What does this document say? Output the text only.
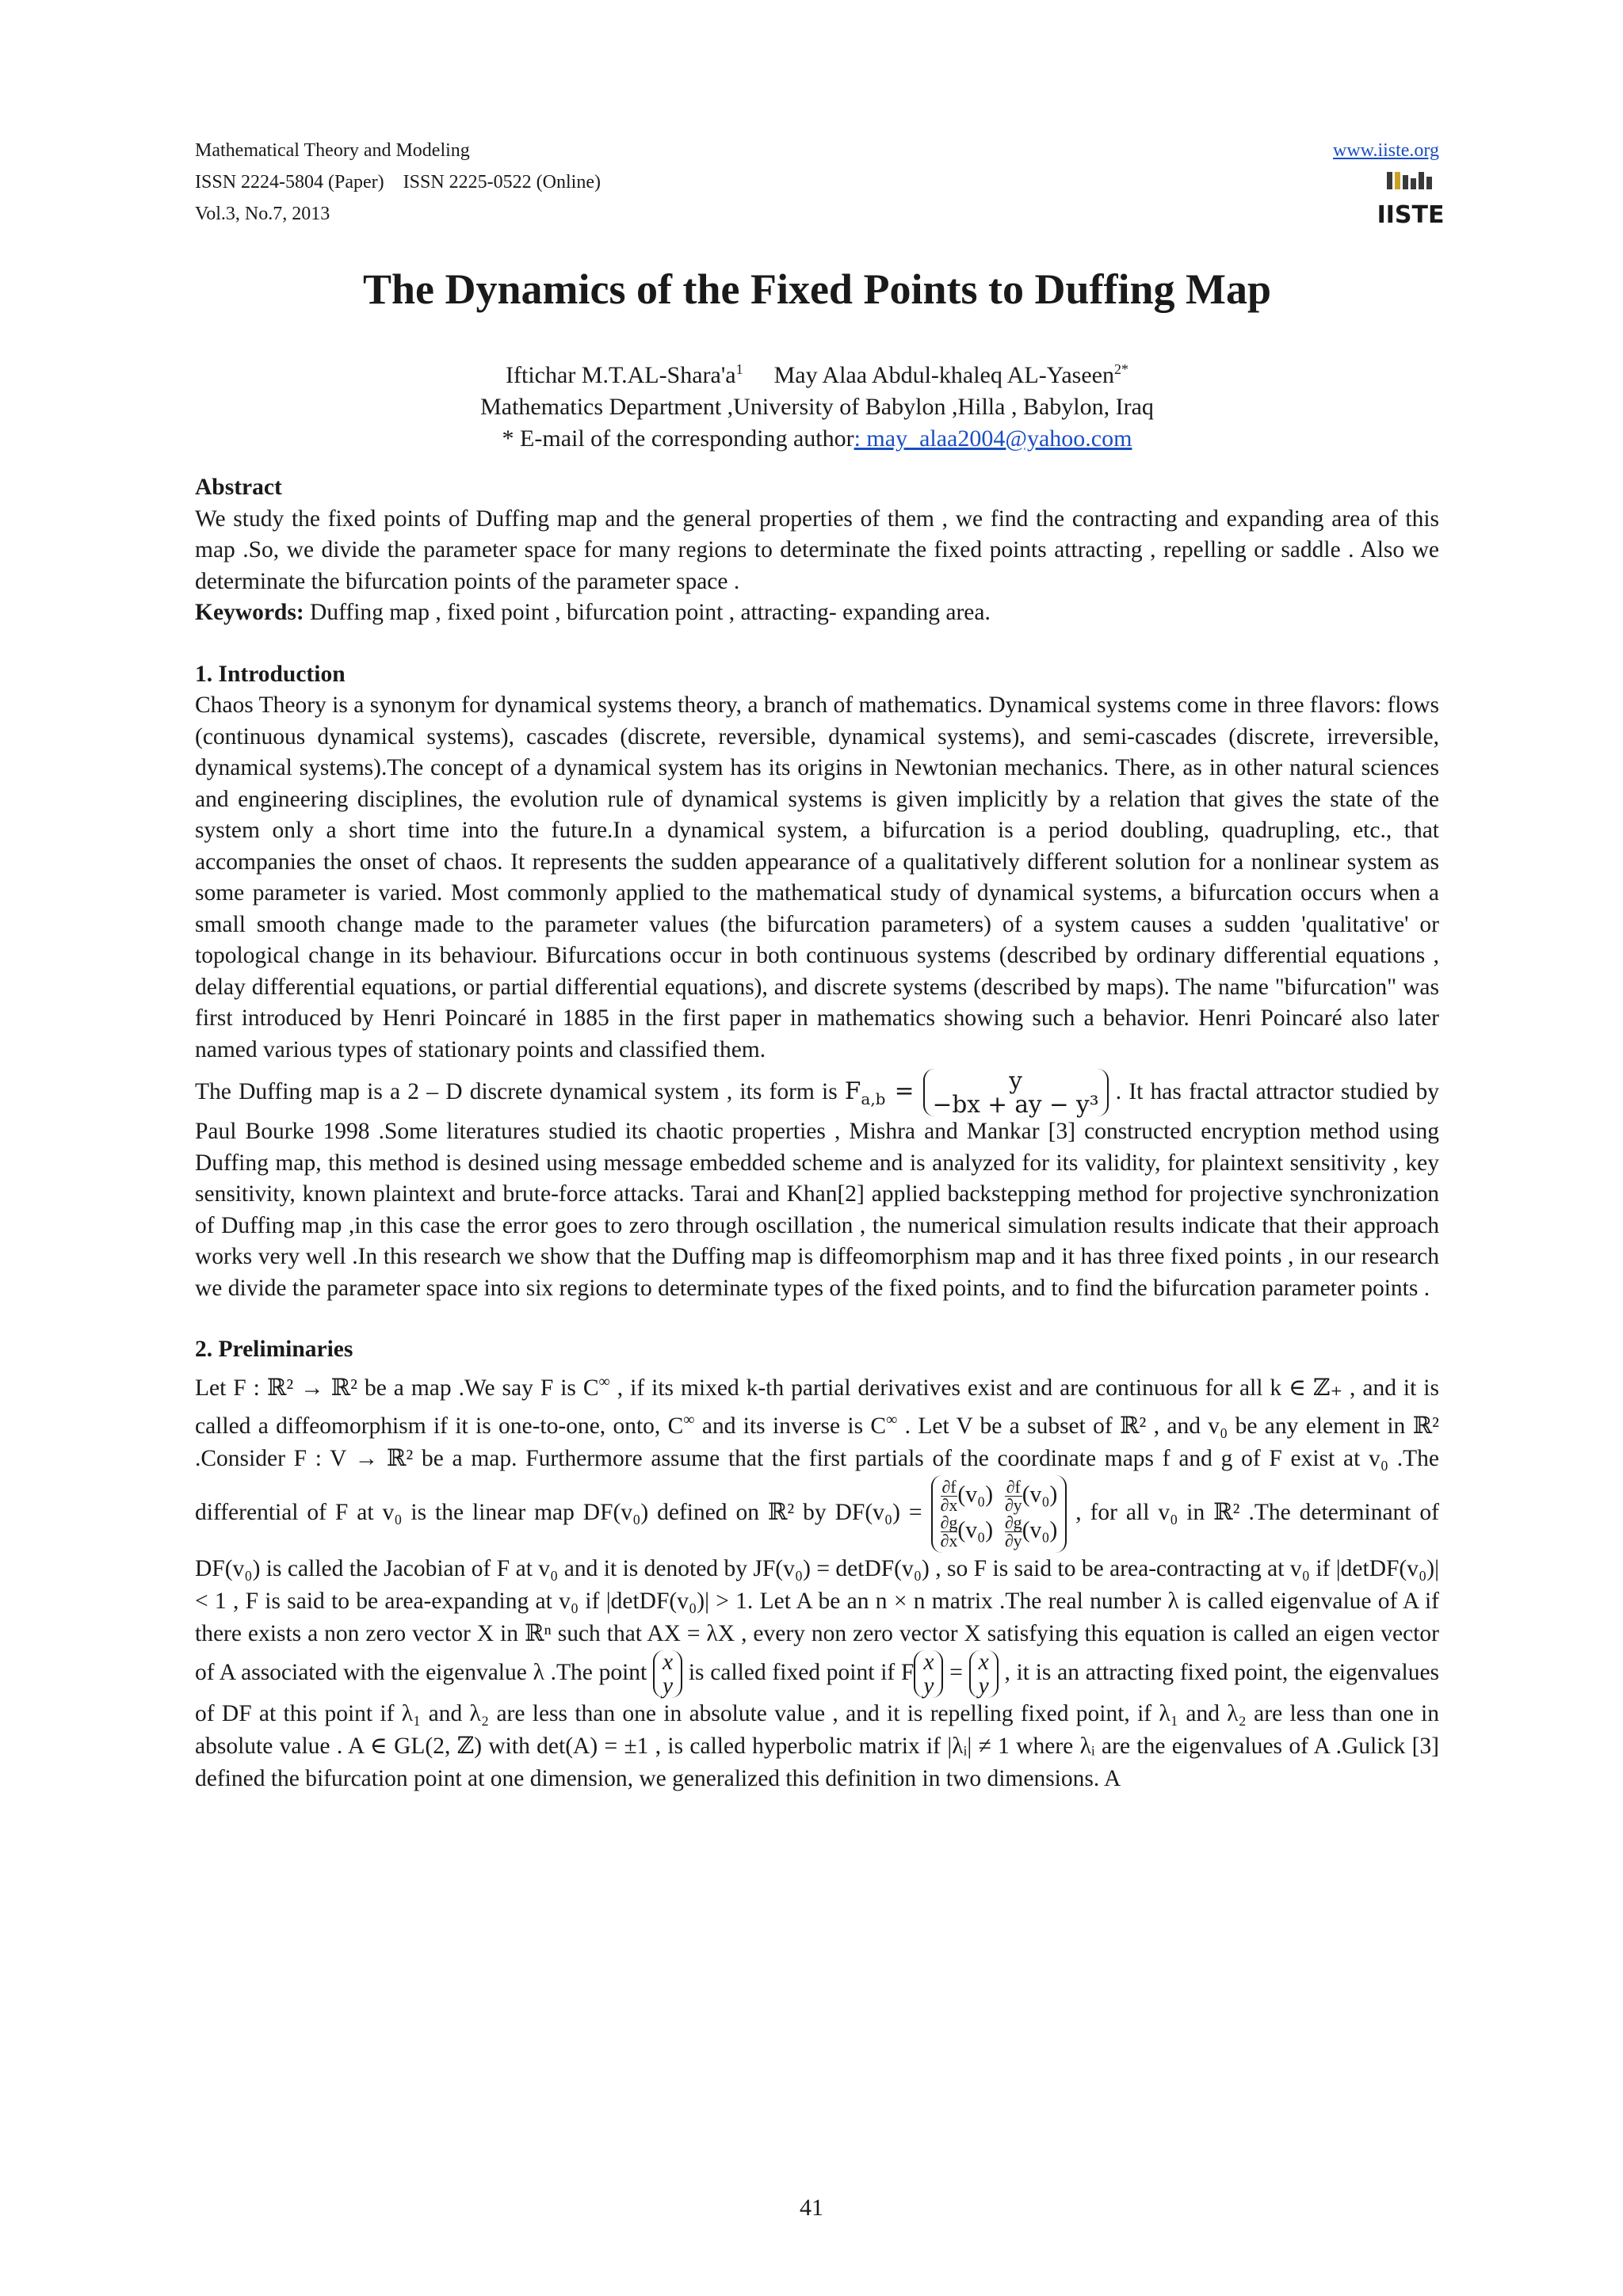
Mathematical Theory and Modeling
ISSN 2224-5804 (Paper)    ISSN 2225-0522 (Online)
Vol.3, No.7, 2013
www.iiste.org
IISTE
The Dynamics of the Fixed Points to Duffing Map
Iftichar $M.T.AL-Shara'a^1$ May Alaa Abdul-khaleq AL-Yaseen$^{2*}$
Mathematics Department ,University of Babylon ,Hilla , Babylon, Iraq
* E-mail of the corresponding author: may_alaa2004@yahoo.com

Abstract

We study the fixed points of Duffing map and the general properties of them , we find the contracting and expanding area of this map .So, we divide the parameter space for many regions to determinate the fixed points attracting , repelling or saddle . Also we determinate the bifurcation points of the parameter space .

Keywords: Duffing map , fixed point , bifurcation point , attracting- expanding area.

1. Introduction

Chaos Theory is a synonym for dynamical systems theory, a branch of mathematics. Dynamical systems come in three flavors: flows (continuous dynamical systems), cascades (discrete, reversible, dynamical systems), and semi-cascades (discrete, irreversible, dynamical systems).The concept of a dynamical system has its origins in Newtonian mechanics. There, as in other natural sciences and engineering disciplines, the evolution rule of dynamical systems is given implicitly by a relation that gives the state of the system only a short time into the future.In a dynamical system, a bifurcation is a period doubling, quadrupling, etc., that accompanies the onset of chaos. It represents the sudden appearance of a qualitatively different solution for a nonlinear system as some parameter is varied. Most commonly applied to the mathematical study of dynamical systems, a bifurcation occurs when a small smooth change made to the parameter values (the bifurcation parameters) of a system causes a sudden 'qualitative' or topological change in its behaviour. Bifurcations occur in both continuous systems (described by ordinary differential equations , delay differential equations, or partial differential equations), and discrete systems (described by maps). The name "bifurcation" was first introduced by Henri Poincaré in 1885 in the first paper in mathematics showing such a behavior. Henri Poincaré also later named various types of stationary points and classified them.

The Duffing map is a 2 – D discrete dynamical system , its form is $F_{a,b}$ =	y
−bx + ay − y³ . It has fractal attractor studied by Paul Bourke 1998 .Some literatures studied its chaotic properties , Mishra and Mankar [3] constructed encryption method using Duffing map, this method is desined using message embedded scheme and is analyzed for its validity, for plaintext sensitivity , key sensitivity, known plaintext and brute-force attacks. Tarai and Khan[2] applied backstepping method for projective synchronization of Duffing map ,in this case the error goes to zero through oscillation , the numerical simulation results indicate that their approach works very well .In this research we show that the Duffing map is diffeomorphism map and it has three fixed points , in our research we divide the parameter space into six regions to determinate types of the fixed points, and to find the bifurcation parameter points .

2. Preliminaries

Let F : ℝ² → ℝ² be a map .We say F is C∞ , if its mixed k-th partial derivatives exist and are continuous for all k ∈ ℤ₊ , and it is called a diffeomorphism if it is one-to-one, onto, C∞ and its inverse is C∞ . Let V be a subset of ℝ² , and v₀ be any element in ℝ² .Consider F : V → ℝ² be a map. Furthermore assume that the first partials of the coordinate maps f and g of F exist at v₀ .The differential of F at v₀ is the linear map DF(v₀) defined on ℝ² by $DF(v_0) = \frac{\partial f}{\partial x} (v_0) \frac{\partial f}{\partial y} (v_0)$
$\frac{\partial g}{\partial x} (v_0) \frac{\partial g}{\partial y} (v_0)$
, for all v₀ in ℝ² .The determinant of DF(v₀) is called the Jacobian of F at v₀ and it is denoted by JF(v₀) = detDF(v₀) , so F is said to be area-contracting at v₀ if |detDF(v₀)| < 1 , F is said to be area-expanding at v₀ if |detDF(v₀)| > 1. Let A be an n × n matrix .The real number λ is called eigenvalue of A if there exists a non zero vector X in ℝⁿ such that AX = λX , every non zero vector X satisfying this equation is called an eigen vector of A associated with the eigenvalue λ .The point x
y
is called fixed point if F x
y
= x
y
, it is an attracting fixed point, the eigenvalues of DF at this point if λ₁ and λ₂ are less than one in absolute value , and it is repelling fixed point, if λ₁ and λ₂ are less than one in absolute value . A ∈ GL(2, ℤ) with det(A) = ±1 , is called hyperbolic matrix if |λᵢ| ≠ 1 where λᵢ are the eigenvalues of A .Gulick [3] defined the bifurcation point at one dimension, we generalized this definition in two dimensions. A

41
